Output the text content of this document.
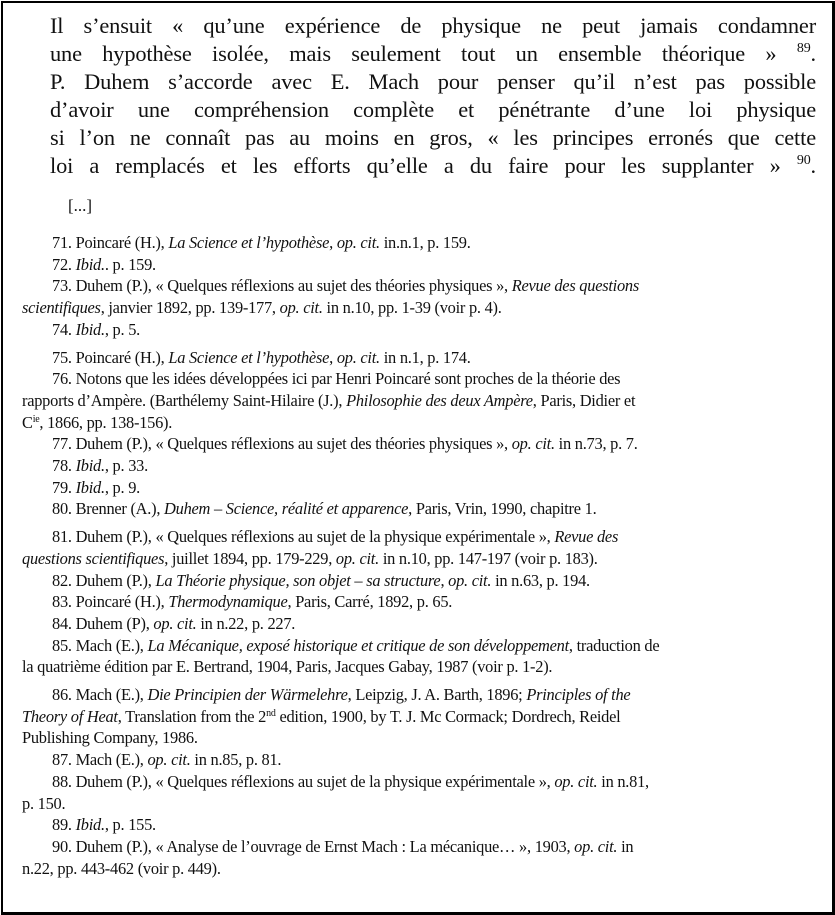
Il s’ensuit « qu’une expérience de physique ne peut jamais condamner
une hypothèse isolée, mais seulement tout un ensemble théorique » $^{89}$.
P. Duhem s’accorde avec E. Mach pour penser qu’il n’est pas possible
d’avoir une compréhension complète et pénétrante d’une loi physique
si l’on ne connaît pas au moins en gros, « les principes erronés que cette
loi a remplacés et les efforts qu’elle a du faire pour les supplanter » $^{90}$.
[...]
71. Poincaré (H.), La Science et l’hypothèse, op. cit. in.n.1, p. 159.
72. Ibid.. p. 159.
73. Duhem (P.), « Quelques réflexions au sujet des théories physiques », Revue des questions
scientifiques, janvier 1892, pp. 139-177, op. cit. in n.10, pp. 1-39 (voir p. 4).
74. Ibid., p. 5.
75. Poincaré (H.), La Science et l’hypothèse, op. cit. in n.1, p. 174.
76. Notons que les idées développées ici par Henri Poincaré sont proches de la théorie des
rapports d’Ampère. (Barthélemy Saint-Hilaire (J.), Philosophie des deux Ampère, Paris, Didier et
C$^{ie}$, 1866, pp. 138-156).
77. Duhem (P.), « Quelques réflexions au sujet des théories physiques », op. cit. in n.73, p. 7.
78. Ibid., p. 33.
79. Ibid., p. 9.
80. Brenner (A.), Duhem – Science, réalité et apparence, Paris, Vrin, 1990, chapitre 1.
81. Duhem (P.), « Quelques réflexions au sujet de la physique expérimentale », Revue des
questions scientifiques, juillet 1894, pp. 179-229, op. cit. in n.10, pp. 147-197 (voir p. 183).
82. Duhem (P.), La Théorie physique, son objet – sa structure, op. cit. in n.63, p. 194.
83. Poincaré (H.), Thermodynamique, Paris, Carré, 1892, p. 65.
84. Duhem (P), op. cit. in n.22, p. 227.
85. Mach (E.), La Mécanique, exposé historique et critique de son développement, traduction de
la quatrième édition par E. Bertrand, 1904, Paris, Jacques Gabay, 1987 (voir p. 1-2).
86. Mach (E.), Die Principien der Wärmelehre, Leipzig, J. A. Barth, 1896; Principles of the
Theory of Heat, Translation from the 2nd edition, 1900, by T. J. Mc Cormack; Dordrech, Reidel
Publishing Company, 1986.
87. Mach (E.), op. cit. in n.85, p. 81.
88. Duhem (P.), « Quelques réflexions au sujet de la physique expérimentale », op. cit. in n.81,
p. 150.
89. Ibid., p. 155.
90. Duhem (P.), « Analyse de l’ouvrage de Ernst Mach : La mécanique… », 1903, op. cit. in
n.22, pp. 443-462 (voir p. 449).
